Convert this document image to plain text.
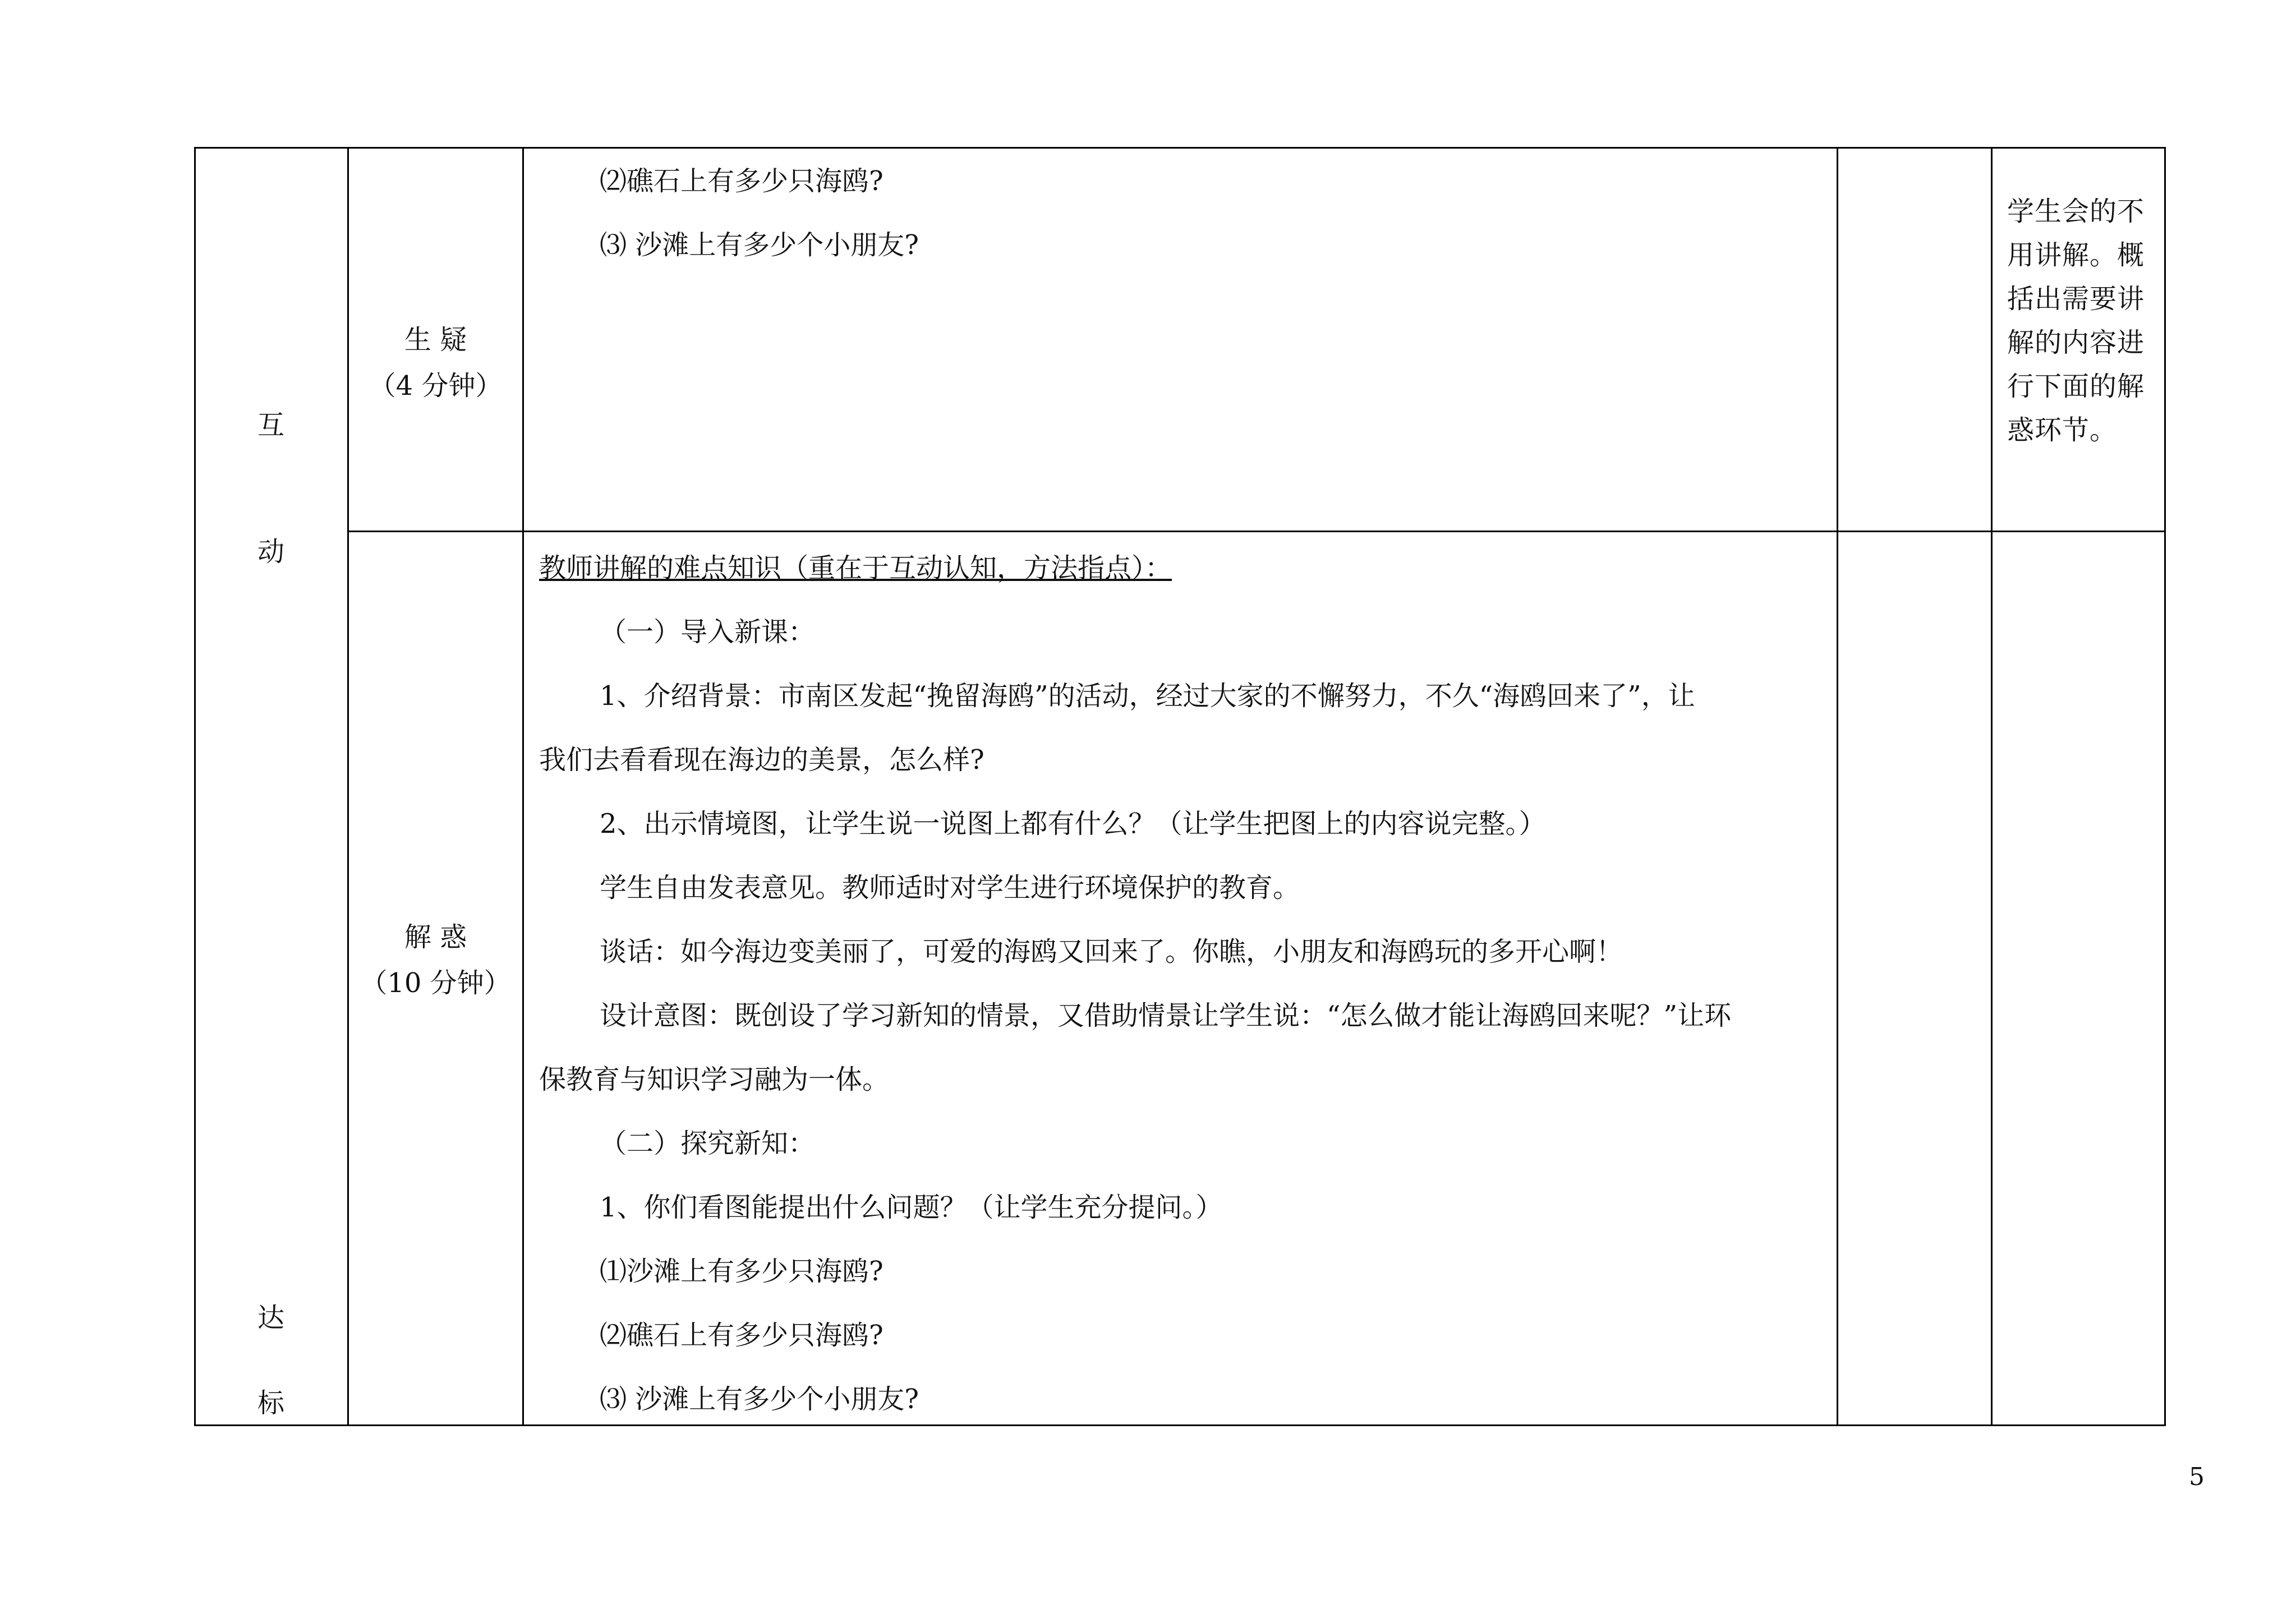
互
动
达
标
生 疑
（4 分钟）
解 惑
（10 分钟）

⑵礁石上有多少只海鸥?

⑶ 沙滩上有多少个小朋友?

学生会的不
用讲解。概
括出需要讲
解的内容进
行下面的解
惑环节。

教师讲解的难点知识（重在于互动认知，方法指点）：

（一）导入新课：

1、介绍背景：市南区发起“挽留海鸥”的活动，经过大家的不懈努力，不久“海鸥回来了”，让

我们去看看现在海边的美景，怎么样?

2、出示情境图，让学生说一说图上都有什么？（让学生把图上的内容说完整。）

学生自由发表意见。教师适时对学生进行环境保护的教育。

谈话：如今海边变美丽了，可爱的海鸥又回来了。你瞧，小朋友和海鸥玩的多开心啊！

设计意图：既创设了学习新知的情景，又借助情景让学生说：“怎么做才能让海鸥回来呢？”让环

保教育与知识学习融为一体。

（二）探究新知：

1、你们看图能提出什么问题？（让学生充分提问。）

⑴沙滩上有多少只海鸥?

⑵礁石上有多少只海鸥?

⑶ 沙滩上有多少个小朋友?

5
